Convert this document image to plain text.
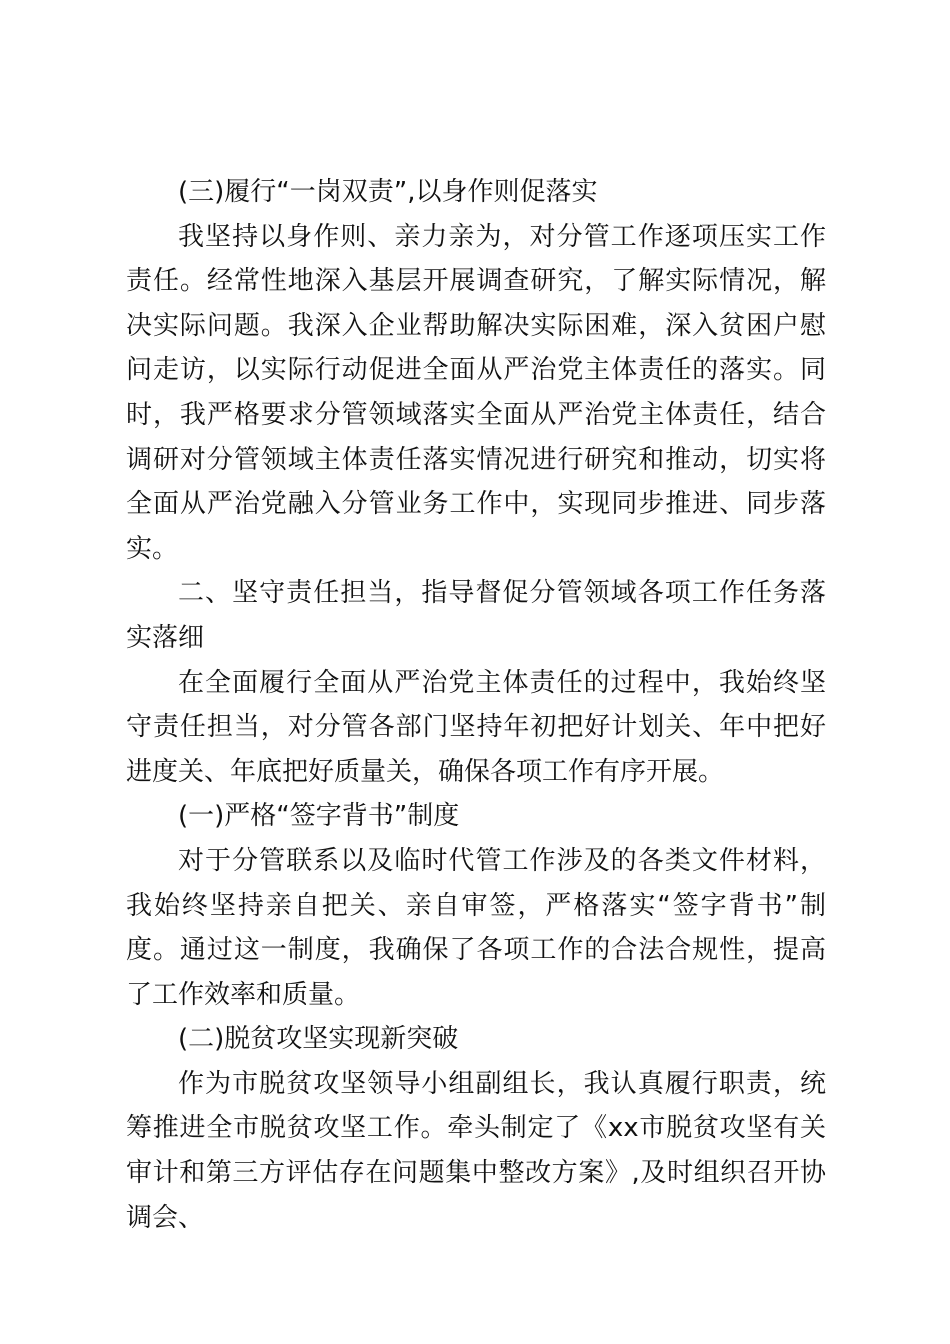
(三)履行“一岗双责”,以身作则促落实

我坚持以身作则、亲力亲为，对分管工作逐项压实工作责任。经常性地深入基层开展调查研究，了解实际情况，解决实际问题。我深入企业帮助解决实际困难，深入贫困户慰问走访，以实际行动促进全面从严治党主体责任的落实。同时，我严格要求分管领域落实全面从严治党主体责任，结合调研对分管领域主体责任落实情况进行研究和推动，切实将全面从严治党融入分管业务工作中，实现同步推进、同步落实。

二、坚守责任担当，指导督促分管领域各项工作任务落实落细

在全面履行全面从严治党主体责任的过程中，我始终坚守责任担当，对分管各部门坚持年初把好计划关、年中把好进度关、年底把好质量关，确保各项工作有序开展。

(一)严格“签字背书”制度

对于分管联系以及临时代管工作涉及的各类文件材料，我始终坚持亲自把关、亲自审签，严格落实“签字背书”制度。通过这一制度，我确保了各项工作的合法合规性，提高了工作效率和质量。

(二)脱贫攻坚实现新突破

作为市脱贫攻坚领导小组副组长，我认真履行职责，统筹推进全市脱贫攻坚工作。牵头制定了《xx市脱贫攻坚有关审计和第三方评估存在问题集中整改方案》,及时组织召开协调会、
